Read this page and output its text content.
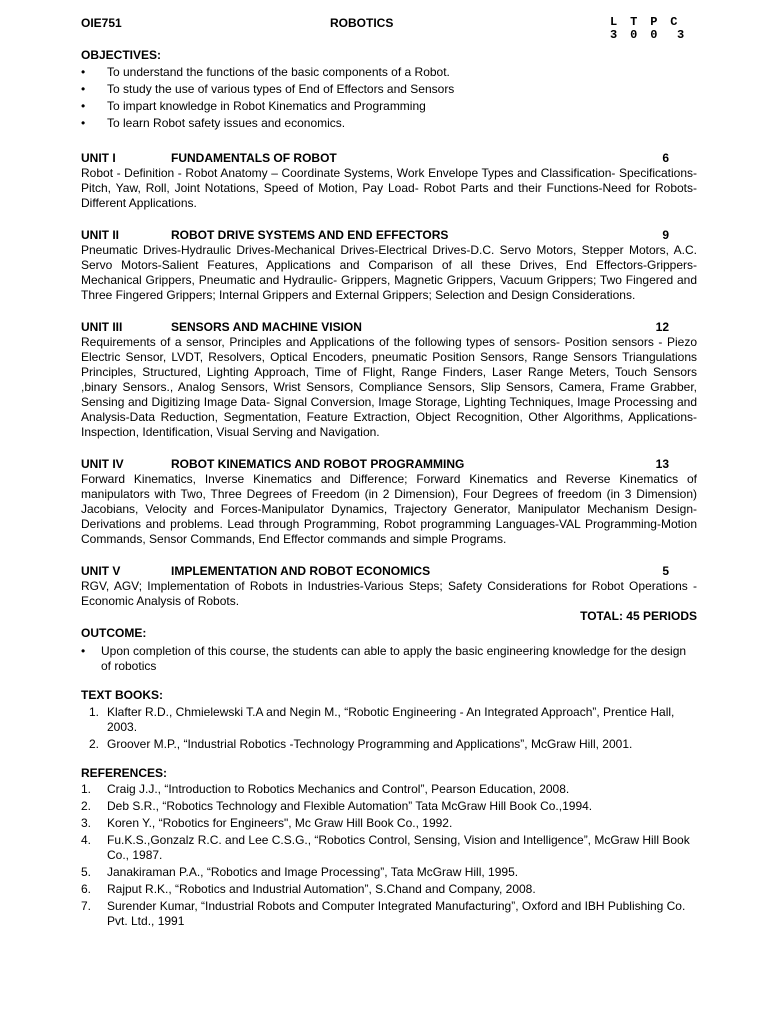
OIE751	ROBOTICS	L  T  P  C
3  0  0   3
OBJECTIVES:
• To understand the functions of the basic components of a Robot.
• To study the use of various types of End of Effectors and Sensors
• To impart knowledge in Robot Kinematics and Programming
• To learn Robot safety issues and economics.
UNIT I	FUNDAMENTALS OF ROBOT	6
Robot - Definition - Robot Anatomy – Coordinate Systems, Work Envelope Types and Classification- Specifications-Pitch, Yaw, Roll, Joint Notations, Speed of Motion, Pay Load- Robot Parts and their Functions-Need for Robots-Different Applications.
UNIT II	ROBOT DRIVE SYSTEMS AND END EFFECTORS	9
Pneumatic Drives-Hydraulic Drives-Mechanical Drives-Electrical Drives-D.C. Servo Motors, Stepper Motors, A.C. Servo Motors-Salient Features, Applications and Comparison of all these Drives, End Effectors-Grippers-Mechanical Grippers, Pneumatic and Hydraulic- Grippers, Magnetic Grippers, Vacuum Grippers; Two Fingered and Three Fingered Grippers; Internal Grippers and External Grippers; Selection and Design Considerations.
UNIT III	SENSORS AND MACHINE VISION	12
Requirements of a sensor, Principles and Applications of the following types of sensors- Position sensors - Piezo Electric Sensor, LVDT, Resolvers, Optical Encoders, pneumatic Position Sensors, Range Sensors Triangulations Principles, Structured, Lighting Approach, Time of Flight, Range Finders, Laser Range Meters, Touch Sensors ,binary Sensors., Analog Sensors, Wrist Sensors, Compliance Sensors, Slip Sensors, Camera, Frame Grabber, Sensing and Digitizing Image Data- Signal Conversion, Image Storage, Lighting Techniques, Image Processing and Analysis-Data Reduction, Segmentation, Feature Extraction, Object Recognition, Other Algorithms, Applications- Inspection, Identification, Visual Serving and Navigation.
UNIT IV	ROBOT KINEMATICS AND ROBOT PROGRAMMING	13
Forward Kinematics, Inverse Kinematics and Difference; Forward Kinematics and Reverse Kinematics of manipulators with Two, Three Degrees of Freedom (in 2 Dimension), Four Degrees of freedom (in 3 Dimension) Jacobians, Velocity and Forces-Manipulator Dynamics, Trajectory Generator, Manipulator Mechanism Design-Derivations and problems. Lead through Programming, Robot programming Languages-VAL Programming-Motion Commands, Sensor Commands, End Effector commands and simple Programs.
UNIT V	IMPLEMENTATION AND ROBOT ECONOMICS	5
RGV, AGV; Implementation of Robots in Industries-Various Steps; Safety Considerations for Robot Operations - Economic Analysis of Robots.
TOTAL: 45 PERIODS
OUTCOME:
• Upon completion of this course, the students can able to apply the basic engineering knowledge for the design of robotics
TEXT BOOKS:
1. Klafter R.D., Chmielewski T.A and Negin M., “Robotic Engineering - An Integrated Approach”, Prentice Hall, 2003.
2. Groover M.P., “Industrial Robotics -Technology Programming and Applications”, McGraw Hill, 2001.
REFERENCES:
1. Craig J.J., “Introduction to Robotics Mechanics and Control”, Pearson Education, 2008.
2. Deb S.R., “Robotics Technology and Flexible Automation” Tata McGraw Hill Book Co.,1994.
3. Koren Y., “Robotics for Engineers", Mc Graw Hill Book Co., 1992.
4. Fu.K.S.,Gonzalz R.C. and Lee C.S.G., “Robotics Control, Sensing, Vision and Intelligence”, McGraw Hill Book Co., 1987.
5. Janakiraman P.A., “Robotics and Image Processing”, Tata McGraw Hill, 1995.
6. Rajput R.K., “Robotics and Industrial Automation”, S.Chand and Company, 2008.
7. Surender Kumar, “Industrial Robots and Computer Integrated Manufacturing”, Oxford and IBH Publishing Co. Pvt. Ltd., 1991
